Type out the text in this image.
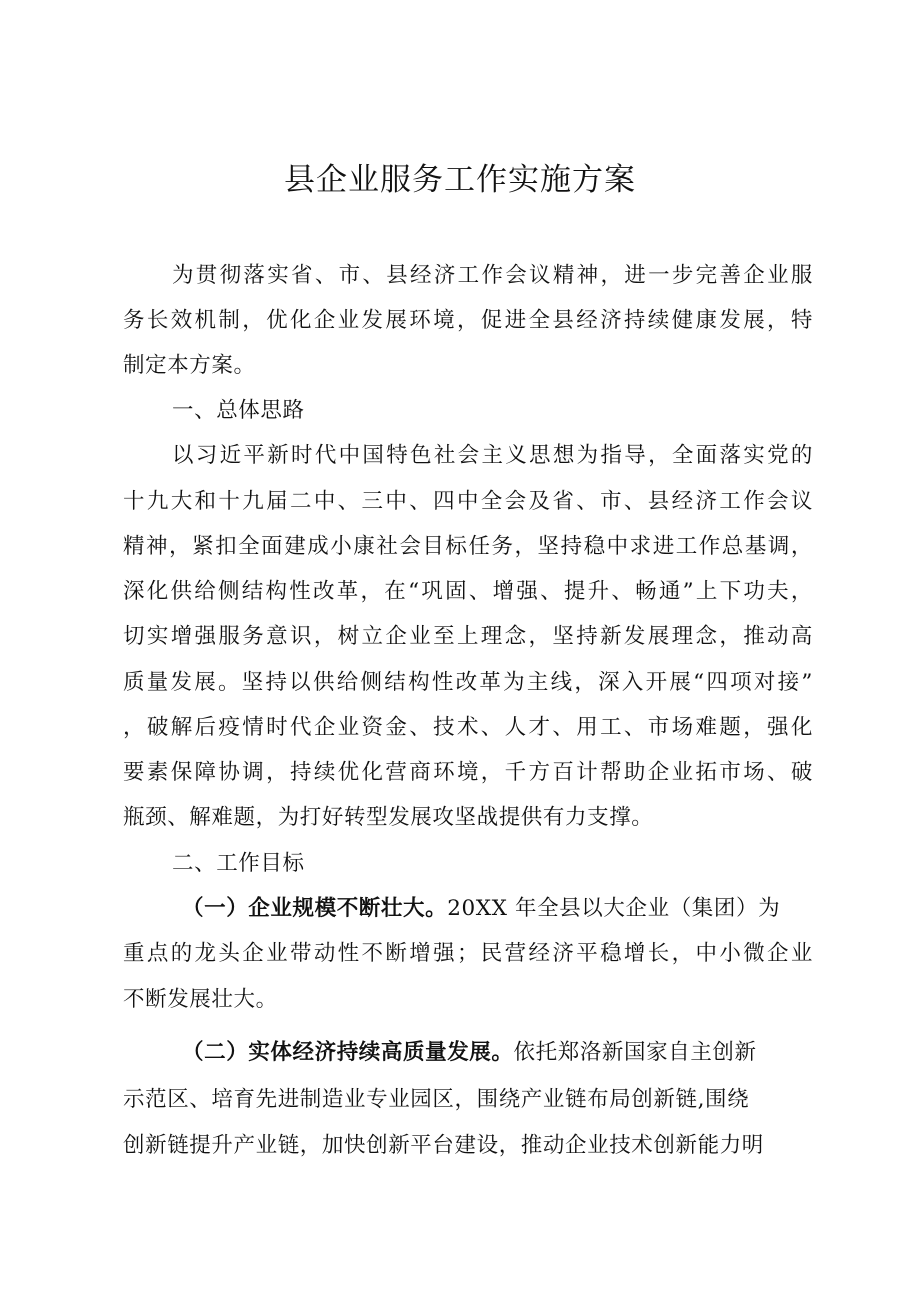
县企业服务工作实施方案
为贯彻落实省、市、县经济工作会议精神，进一步完善企业服
务长效机制，优化企业发展环境，促进全县经济持续健康发展，特
制定本方案。
一、总体思路
以习近平新时代中国特色社会主义思想为指导，全面落实党的
十九大和十九届二中、三中、四中全会及省、市、县经济工作会议
精神，紧扣全面建成小康社会目标任务，坚持稳中求进工作总基调，
深化供给侧结构性改革，在“巩固、增强、提升、畅通”上下功夫，
切实增强服务意识，树立企业至上理念，坚持新发展理念，推动高
质量发展。坚持以供给侧结构性改革为主线，深入开展“四项对接”
，破解后疫情时代企业资金、技术、人才、用工、市场难题，强化
要素保障协调，持续优化营商环境，千方百计帮助企业拓市场、破
瓶颈、解难题，为打好转型发展攻坚战提供有力支撑。
二、工作目标
（一）企业规模不断壮大。20XX 年全县以大企业（集团）为
重点的龙头企业带动性不断增强；民营经济平稳增长，中小微企业
不断发展壮大。
（二）实体经济持续高质量发展。依托郑洛新国家自主创新
示范区、培育先进制造业专业园区，围绕产业链布局创新链,围绕
创新链提升产业链，加快创新平台建设，推动企业技术创新能力明
